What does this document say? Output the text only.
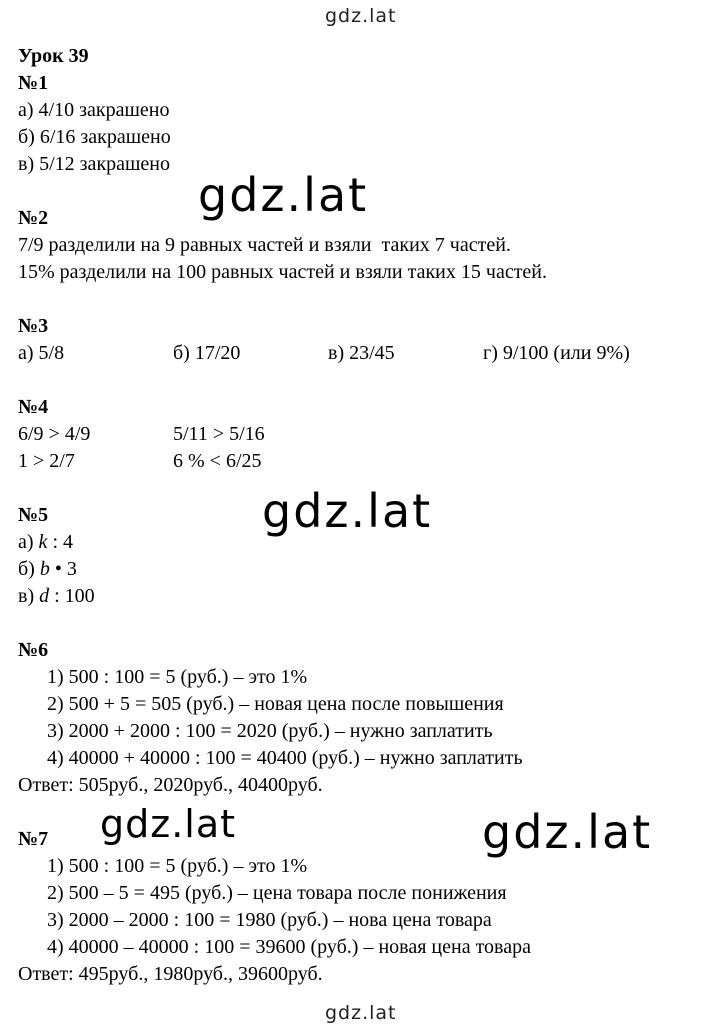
gdz.lat
gdz.lat
gdz.lat
gdz.lat	gdz.lat
gdz.lat
Урок 39
№1
а) 4/10 закрашено
б) 6/16 закрашено
в) 5/12 закрашено
№2
7/9 разделили на 9 равных частей и взяли  таких 7 частей.
15% разделили на 100 равных частей и взяли таких 15 частей.
№3
а) 5/8	б) 17/20	в) 23/45	г) 9/100 (или 9%)
№4
6/9 > 4/9	5/11 > 5/16
1 > 2/7	6 % < 6/25
№5
а) k : 4
б) b • 3
в) d : 100
№6
1) 500 : 100 = 5 (руб.) – это 1%
2) 500 + 5 = 505 (руб.) – новая цена после повышения
3) 2000 + 2000 : 100 = 2020 (руб.) – нужно заплатить
4) 40000 + 40000 : 100 = 40400 (руб.) – нужно заплатить
Ответ: 505руб., 2020руб., 40400руб.
№7
1) 500 : 100 = 5 (руб.) – это 1%
2) 500 – 5 = 495 (руб.) – цена товара после понижения
3) 2000 – 2000 : 100 = 1980 (руб.) – нова цена товара
4) 40000 – 40000 : 100 = 39600 (руб.) – новая цена товара
Ответ: 495руб., 1980руб., 39600руб.
